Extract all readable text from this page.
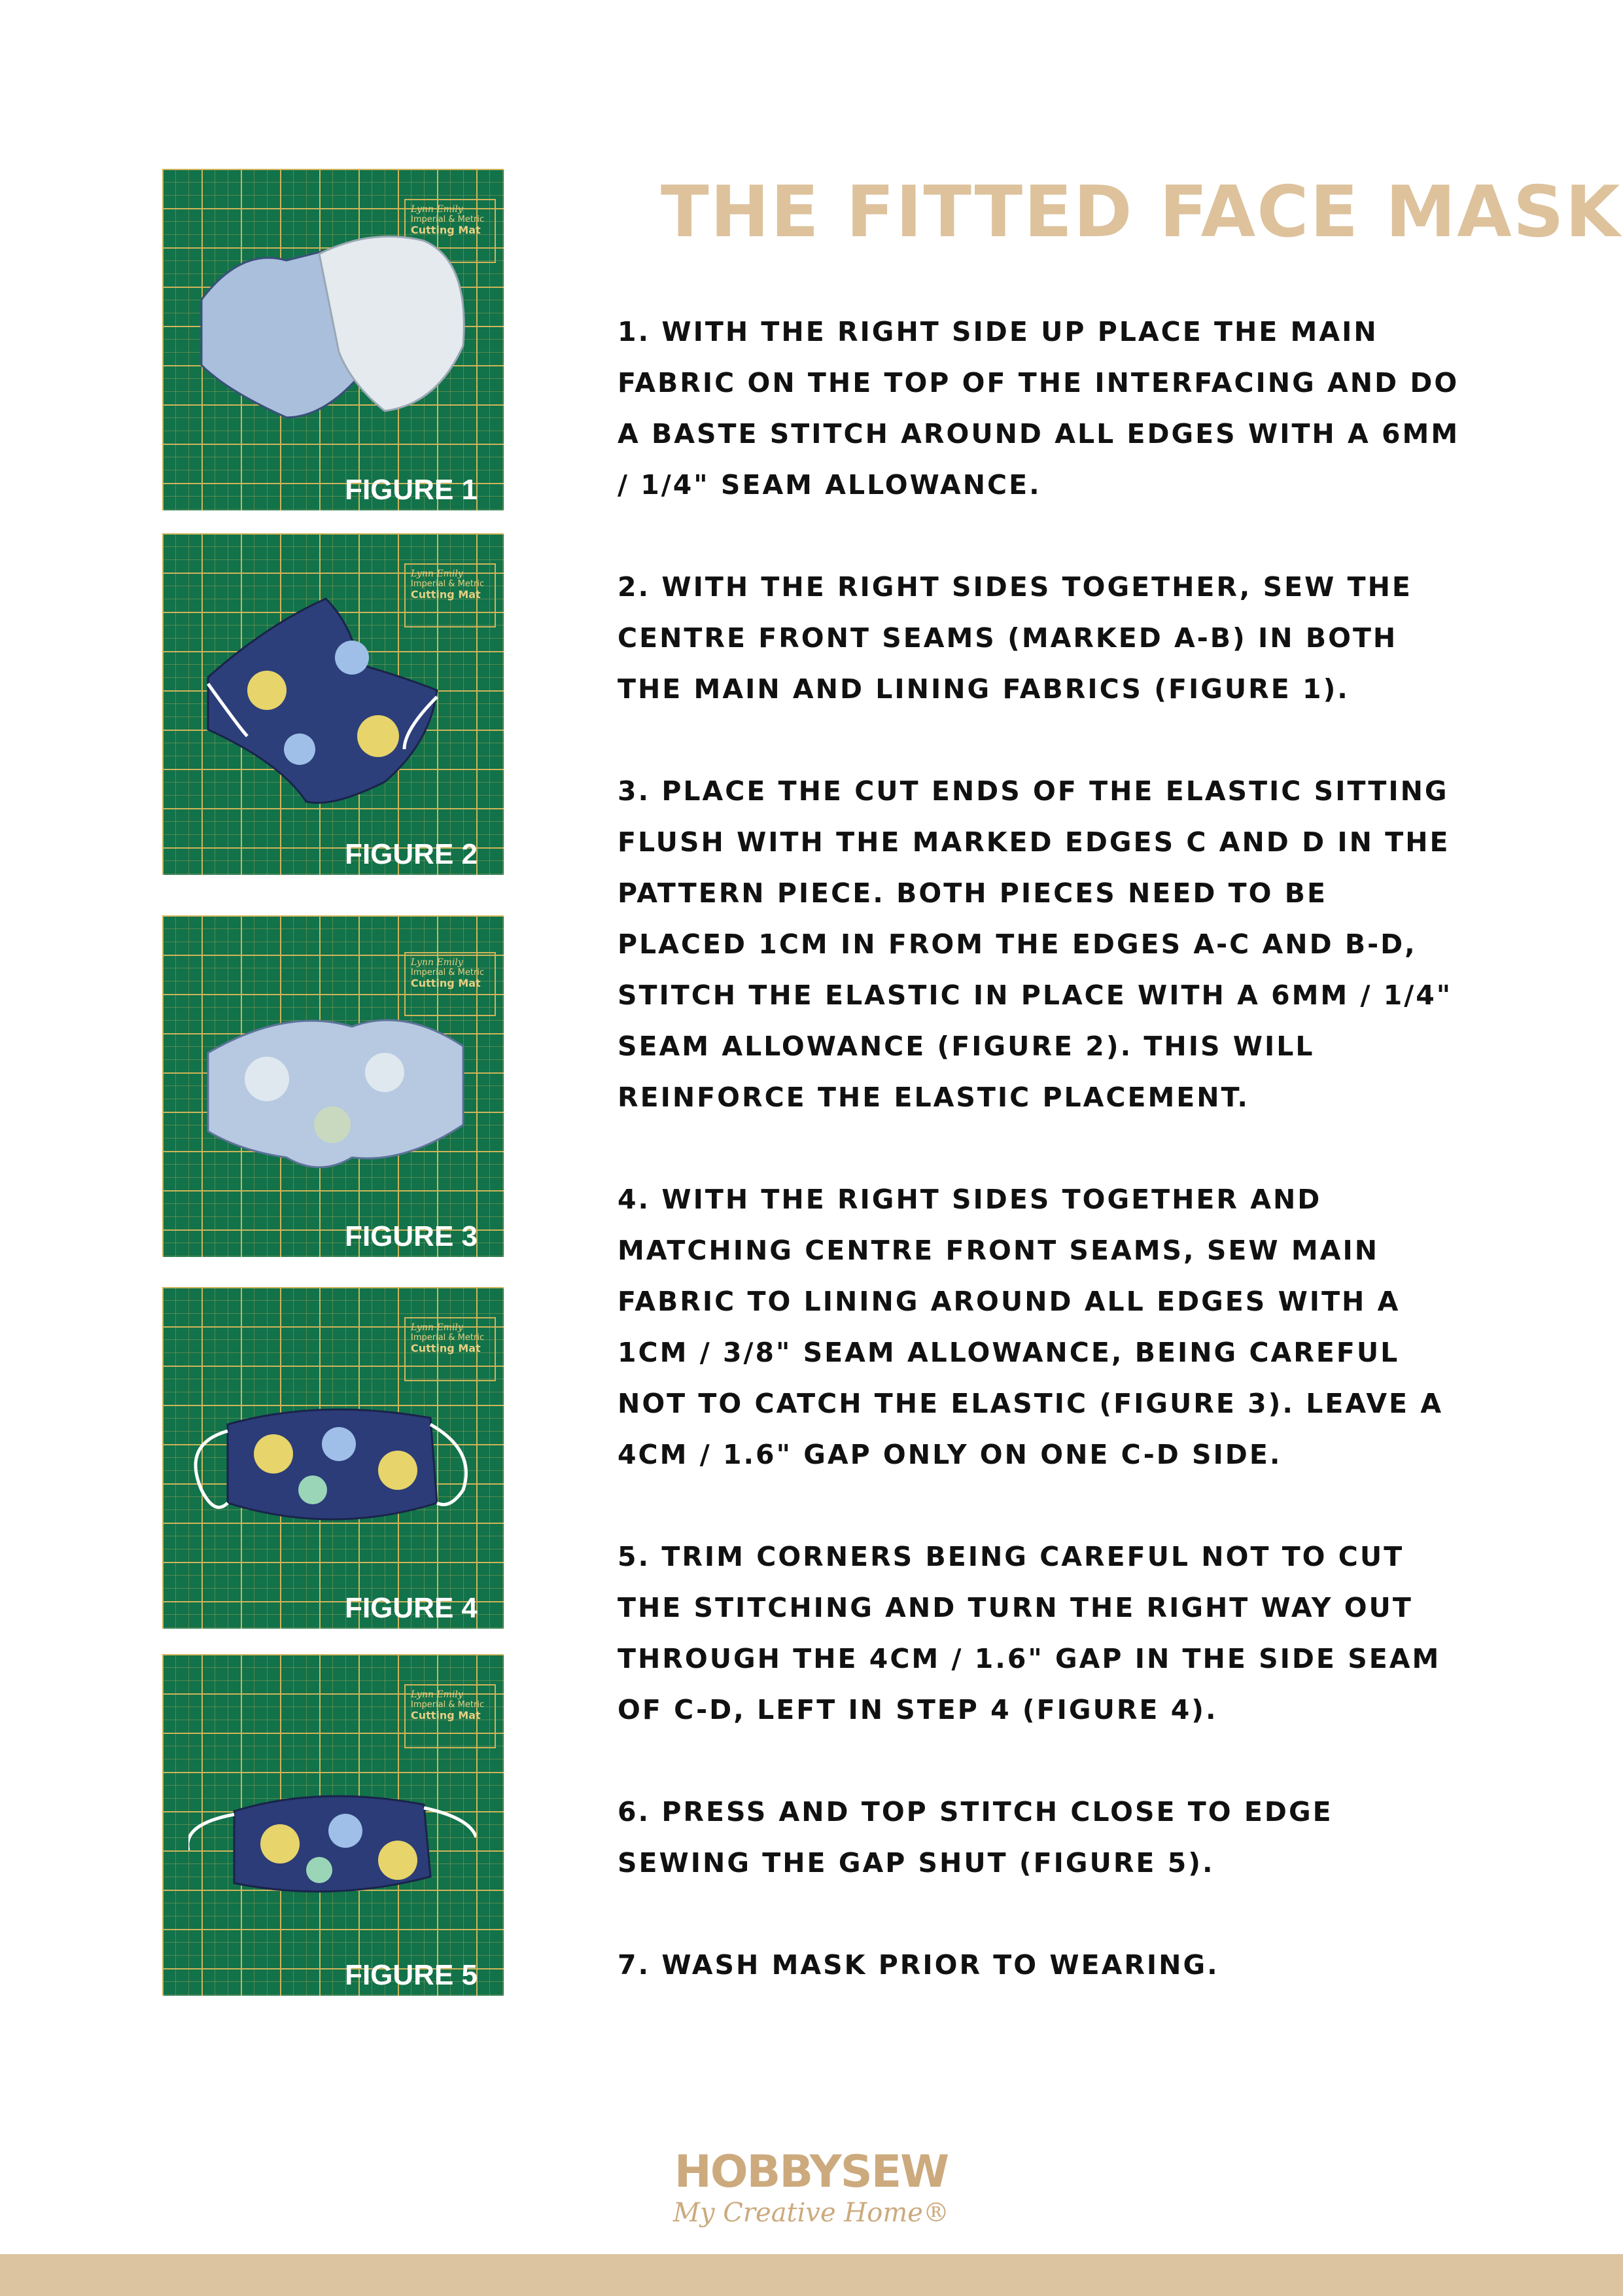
Lynn Emily
Imperial & Metric
Cutting Mat
FIGURE 1
Lynn Emily
Imperial & Metric
Cutting Mat
FIGURE 2
Lynn Emily
Imperial & Metric
Cutting Mat
FIGURE 3
Lynn Emily
Imperial & Metric
Cutting Mat
FIGURE 4
Lynn Emily
Imperial & Metric
Cutting Mat
FIGURE 5
THE FITTED FACE MASK

1. WITH THE RIGHT SIDE UP PLACE THE MAIN FABRIC ON THE TOP OF THE INTERFACING AND DO A BASTE STITCH AROUND ALL EDGES WITH A 6MM / 1/4" SEAM ALLOWANCE.

2. WITH THE RIGHT SIDES TOGETHER, SEW THE CENTRE FRONT SEAMS (MARKED A-B) IN BOTH THE MAIN AND LINING FABRICS (FIGURE 1).

3. PLACE THE CUT ENDS OF THE ELASTIC SITTING FLUSH WITH THE MARKED EDGES C AND D IN THE PATTERN PIECE. BOTH PIECES NEED TO BE PLACED 1CM IN FROM THE EDGES A-C AND B-D, STITCH THE ELASTIC IN PLACE WITH A 6MM / 1/4" SEAM ALLOWANCE (FIGURE 2). THIS WILL REINFORCE THE ELASTIC PLACEMENT.

4. WITH THE RIGHT SIDES TOGETHER AND MATCHING CENTRE FRONT SEAMS, SEW MAIN FABRIC TO LINING AROUND ALL EDGES WITH A 1CM / 3/8" SEAM ALLOWANCE, BEING CAREFUL NOT TO CATCH THE ELASTIC (FIGURE 3). LEAVE A 4CM / 1.6" GAP ONLY ON ONE C-D SIDE.

5. TRIM CORNERS BEING CAREFUL NOT TO CUT THE STITCHING AND TURN THE RIGHT WAY OUT THROUGH THE 4CM / 1.6" GAP IN THE SIDE SEAM OF C-D, LEFT IN STEP 4 (FIGURE 4).

6. PRESS AND TOP STITCH CLOSE TO EDGE SEWING THE GAP SHUT (FIGURE 5).

7. WASH MASK PRIOR TO WEARING.

HOBBYSEW
My Creative Home®
